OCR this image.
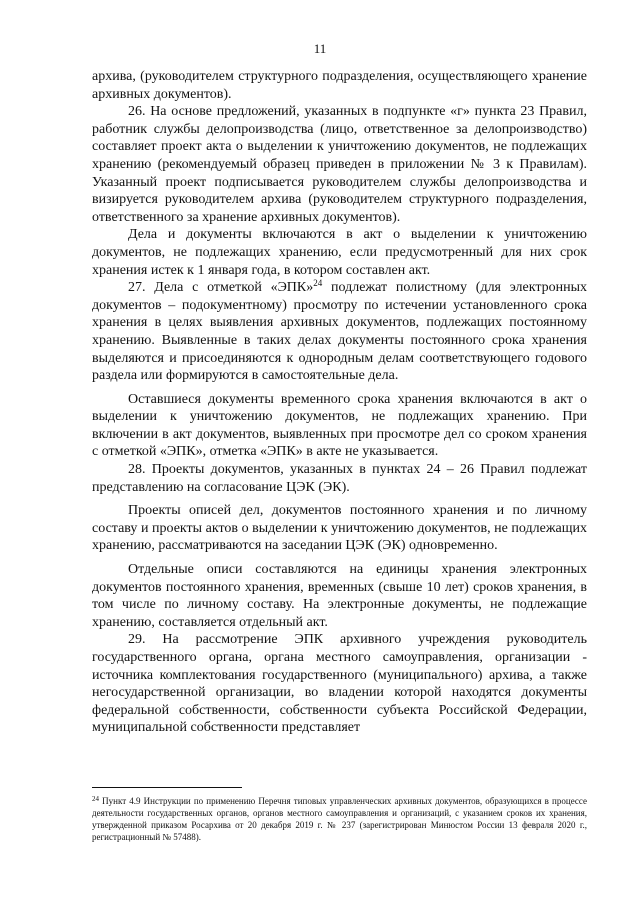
11

архива, (руководителем структурного подразделения, осуществляющего хранение архивных документов).

26. На основе предложений, указанных в подпункте «г» пункта 23 Правил, работник службы делопроизводства (лицо, ответственное за делопроизводство) составляет проект акта о выделении к уничтожению документов, не подлежащих хранению (рекомендуемый образец приведен в приложении № 3 к Правилам). Указанный проект подписывается руководителем службы делопроизводства и визируется руководителем архива (руководителем структурного подразделения, ответственного за хранение архивных документов).

Дела и документы включаются в акт о выделении к уничтожению документов, не подлежащих хранению, если предусмотренный для них срок хранения истек к 1 января года, в котором составлен акт.

27. Дела с отметкой «ЭПК»$^{24}$ подлежат полистному (для электронных документов – подокументному) просмотру по истечении установленного срока хранения в целях выявления архивных документов, подлежащих постоянному хранению. Выявленные в таких делах документы постоянного срока хранения выделяются и присоединяются к однородным делам соответствующего годового раздела или формируются в самостоятельные дела.

Оставшиеся документы временного срока хранения включаются в акт о выделении к уничтожению документов, не подлежащих хранению. При включении в акт документов, выявленных при просмотре дел со сроком хранения с отметкой «ЭПК», отметка «ЭПК» в акте не указывается.

28. Проекты документов, указанных в пунктах 24 – 26 Правил подлежат представлению на согласование ЦЭК (ЭК).

Проекты описей дел, документов постоянного хранения и по личному составу и проекты актов о выделении к уничтожению документов, не подлежащих хранению, рассматриваются на заседании ЦЭК (ЭК) одновременно.

Отдельные описи составляются на единицы хранения электронных документов постоянного хранения, временных (свыше 10 лет) сроков хранения, в том числе по личному составу. На электронные документы, не подлежащие хранению, составляется отдельный акт.

29. На рассмотрение ЭПК архивного учреждения руководитель государственного органа, органа местного самоуправления, организации - источника комплектования государственного (муниципального) архива, а также негосударственной организации, во владении которой находятся документы федеральной собственности, собственности субъекта Российской Федерации, муниципальной собственности представляет

$^{24}$ Пункт 4.9 Инструкции по применению Перечня типовых управленческих архивных документов, образующихся в процессе деятельности государственных органов, органов местного самоуправления и организаций, с указанием сроков их хранения, утвержденной приказом Росархива от 20 декабря 2019 г. № 237 (зарегистрирован Минюстом России 13 февраля 2020 г., регистрационный № 57488).
